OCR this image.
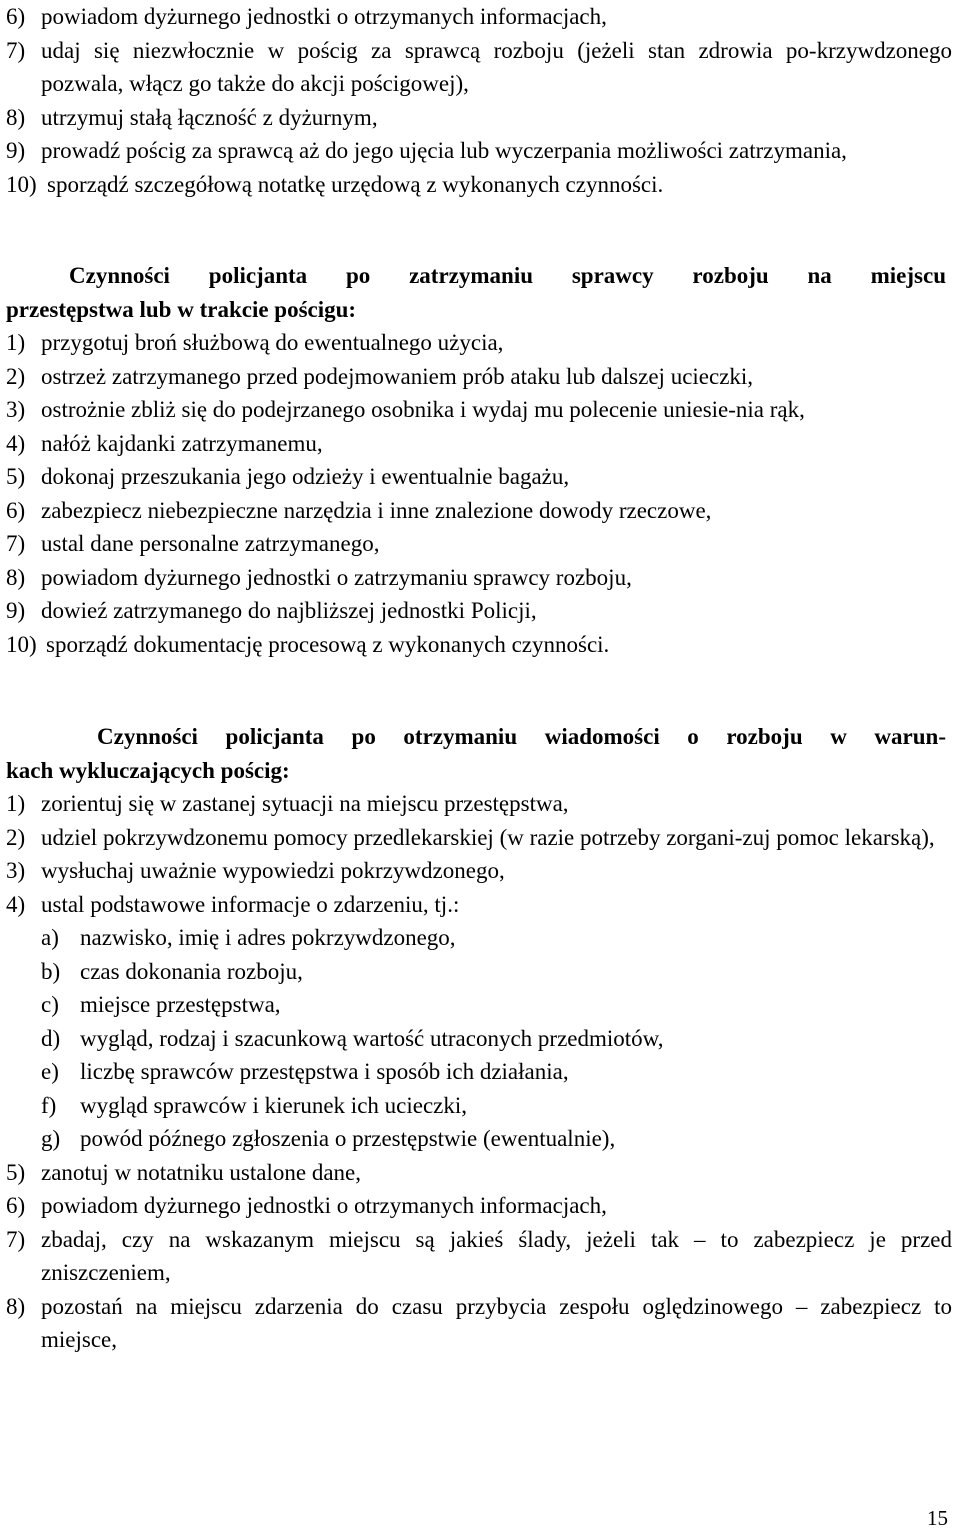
6) powiadom dyżurnego jednostki o otrzymanych informacjach,
7) udaj się niezwłocznie w pościg za sprawcą rozboju (jeżeli stan zdrowia po-krzywdzonego pozwala, włącz go także do akcji pościgowej),
8) utrzymuj stałą łączność z dyżurnym,
9) prowadź pościg za sprawcą aż do jego ujęcia lub wyczerpania możliwości zatrzymania,
10) sporządź szczegółową notatkę urzędową z wykonanych czynności.
Czynności policjanta po zatrzymaniu sprawcy rozboju na miejscu
przestępstwa lub w trakcie pościgu:
1) przygotuj broń służbową do ewentualnego użycia,
2) ostrzeż zatrzymanego przed podejmowaniem prób ataku lub dalszej ucieczki,
3) ostrożnie zbliż się do podejrzanego osobnika i wydaj mu polecenie uniesie-nia rąk,
4) nałóż kajdanki zatrzymanemu,
5) dokonaj przeszukania jego odzieży i ewentualnie bagażu,
6) zabezpiecz niebezpieczne narzędzia i inne znalezione dowody rzeczowe,
7) ustal dane personalne zatrzymanego,
8) powiadom dyżurnego jednostki o zatrzymaniu sprawcy rozboju,
9) dowieź zatrzymanego do najbliższej jednostki Policji,
10) sporządź dokumentację procesową z wykonanych czynności.
Czynności policjanta po otrzymaniu wiadomości o rozboju w warun-
kach wykluczających pościg:
1) zorientuj się w zastanej sytuacji na miejscu przestępstwa,
2) udziel pokrzywdzonemu pomocy przedlekarskiej (w razie potrzeby zorgani-zuj pomoc lekarską),
3) wysłuchaj uważnie wypowiedzi pokrzywdzonego,
4) ustal podstawowe informacje o zdarzeniu, tj.:
a) nazwisko, imię i adres pokrzywdzonego,
b) czas dokonania rozboju,
c) miejsce przestępstwa,
d) wygląd, rodzaj i szacunkową wartość utraconych przedmiotów,
e) liczbę sprawców przestępstwa i sposób ich działania,
f)	wygląd sprawców i kierunek ich ucieczki,
g) powód późnego zgłoszenia o przestępstwie (ewentualnie),
5) zanotuj w notatniku ustalone dane,
6) powiadom dyżurnego jednostki o otrzymanych informacjach,
7) zbadaj, czy na wskazanym miejscu są jakieś ślady, jeżeli tak – to zabezpiecz je przed zniszczeniem,
8) pozostań na miejscu zdarzenia do czasu przybycia zespołu oględzinowego – zabezpiecz to miejsce,
15
